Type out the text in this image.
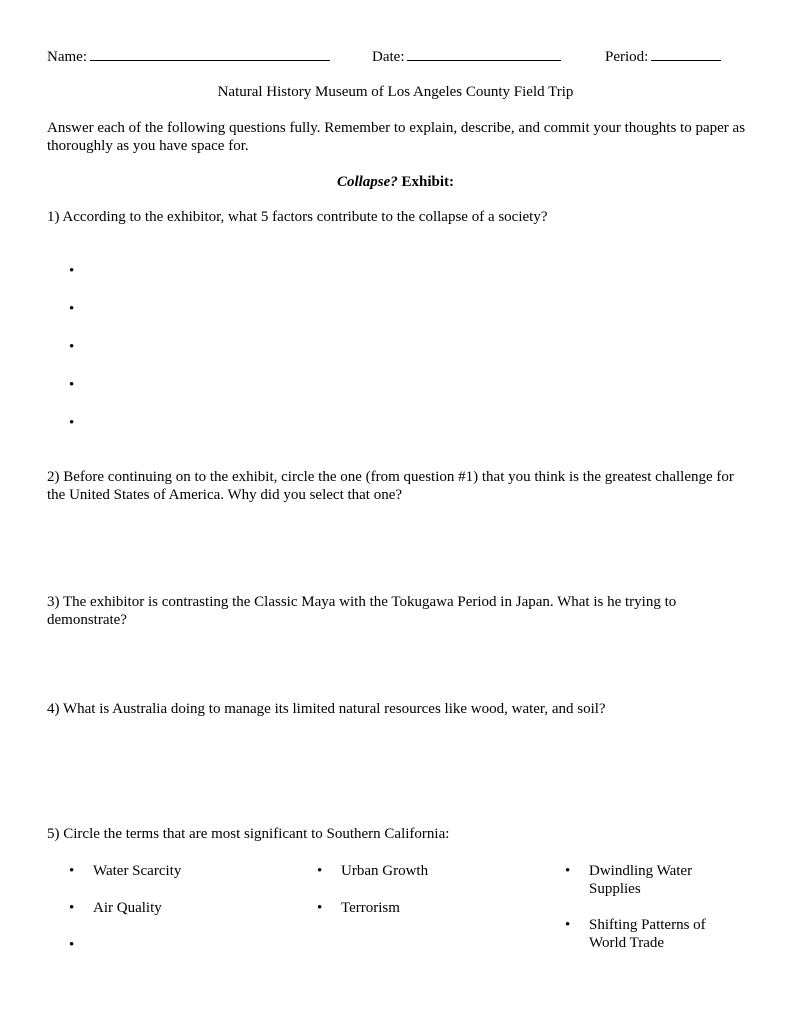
Name:	Date:	Period:
Natural History Museum of Los Angeles County Field Trip
Answer each of the following questions fully. Remember to explain, describe, and commit your thoughts to paper as thoroughly as you have space for.
Collapse? Exhibit:
1) According to the exhibitor, what 5 factors contribute to the collapse of a society?
•
•
•
•
•
2) Before continuing on to the exhibit, circle the one (from question #1) that you think is the greatest challenge for the United States of America. Why did you select that one?
3) The exhibitor is contrasting the Classic Maya with the Tokugawa Period in Japan. What is he trying to demonstrate?
4) What is Australia doing to manage its limited natural resources like wood, water, and soil?
5) Circle the terms that are most significant to Southern California:
• Water Scarcity
• Air Quality
•
• Urban Growth
• Terrorism
• Dwindling Water Supplies
• Shifting Patterns of World Trade
